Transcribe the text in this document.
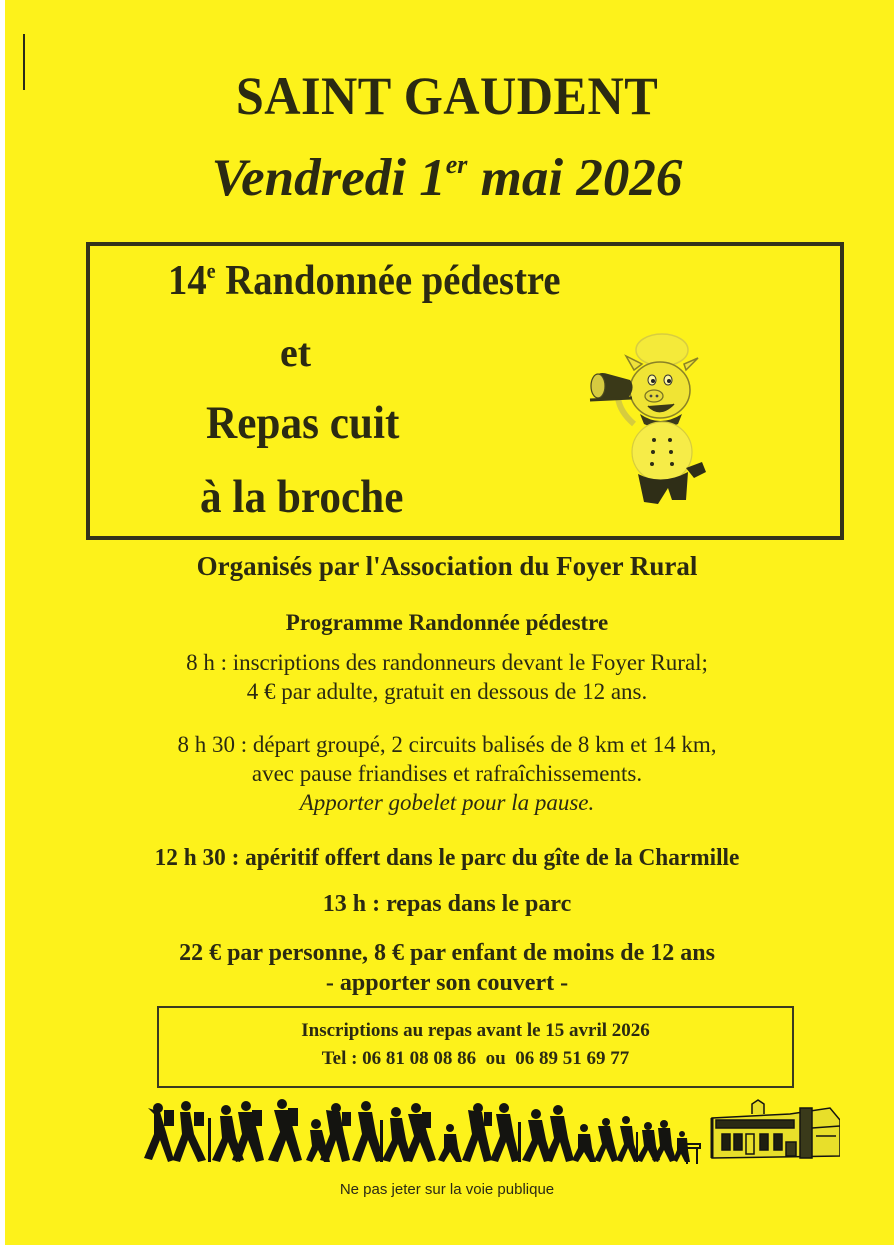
SAINT GAUDENT
Vendredi 1er mai 2026
14e Randonnée pédestre
et
Repas cuit
à la broche
Organisés par l'Association du Foyer Rural
Programme Randonnée pédestre
8 h : inscriptions des randonneurs devant le Foyer Rural;
4 € par adulte, gratuit en dessous de 12 ans.
8 h 30 : départ groupé, 2 circuits balisés de 8 km et 14 km,
avec pause friandises et rafraîchissements.
Apporter gobelet pour la pause.
12 h 30 : apéritif offert dans le parc du gîte de la Charmille
13 h : repas dans le parc
22 € par personne, 8 € par enfant de moins de 12 ans
- apporter son couvert -
Inscriptions au repas avant le 15 avril 2026
Tel : 06 81 08 08 86  ou  06 89 51 69 77
Ne pas jeter sur la voie publique
